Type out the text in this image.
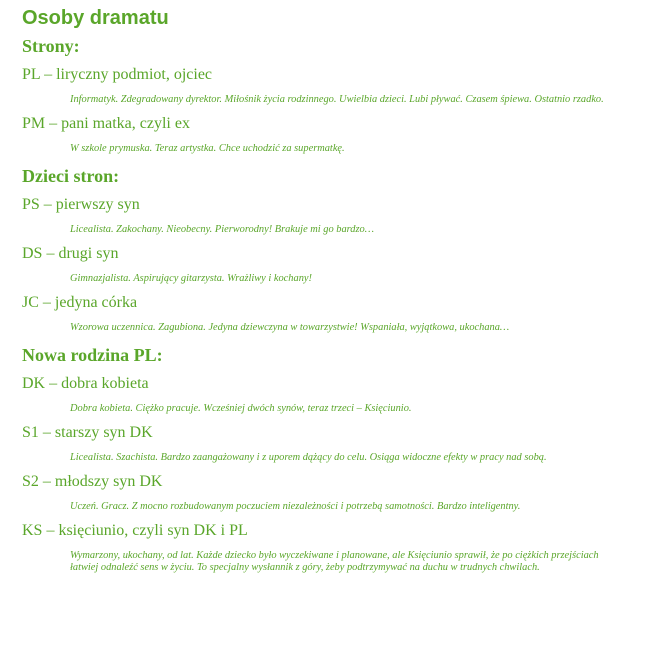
Osoby dramatu
Strony:

PL – liryczny podmiot, ojciec

Informatyk. Zdegradowany dyrektor. Miłośnik życia rodzinnego. Uwielbia dzieci. Lubi pływać. Czasem śpiewa. Ostatnio rzadko.

PM – pani matka, czyli ex

W szkole prymuska. Teraz artystka. Chce uchodzić za supermatkę.

Dzieci stron:

PS – pierwszy syn

Licealista. Zakochany. Nieobecny. Pierworodny! Brakuje mi go bardzo…

DS – drugi syn

Gimnazjalista. Aspirujący gitarzysta. Wrażliwy i kochany!

JC – jedyna córka

Wzorowa uczennica. Zagubiona. Jedyna dziewczyna w towarzystwie! Wspaniała, wyjątkowa, ukochana…

Nowa rodzina PL:

DK – dobra kobieta

Dobra kobieta. Ciężko pracuje. Wcześniej dwóch synów, teraz trzeci – Księciunio.

S1 – starszy syn DK

Licealista. Szachista. Bardzo zaangażowany i z uporem dążący do celu. Osiąga widoczne efekty w pracy nad sobą.

S2 – młodszy syn DK

Uczeń. Gracz. Z mocno rozbudowanym poczuciem niezależności i potrzebą samotności. Bardzo inteligentny.

KS – księciunio, czyli syn DK i PL

Wymarzony, ukochany, od lat. Każde dziecko było wyczekiwane i planowane, ale Księciunio sprawił, że po ciężkich przejściach łatwiej odnaleźć sens w życiu. To specjalny wysłannik z góry, żeby podtrzymywać na duchu w trudnych chwilach.
